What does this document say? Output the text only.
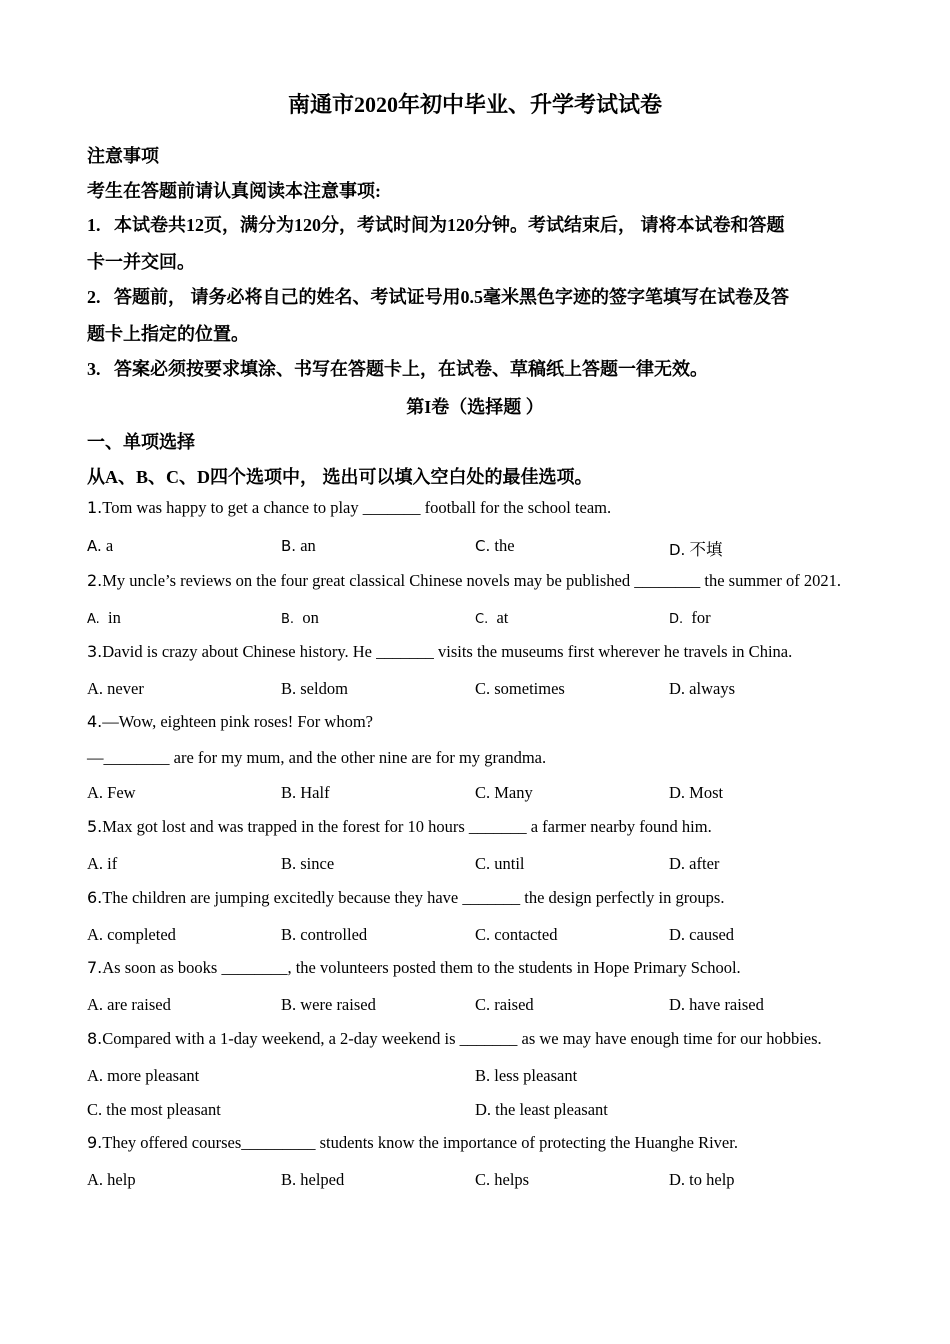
南通市2020年初中毕业、升学考试试卷
注意事项
考生在答题前请认真阅读本注意事项:
1.   本试卷共12页，满分为120分，考试时间为120分钟。考试结束后， 请将本试卷和答题
卡一并交回。
2.   答题前， 请务必将自己的姓名、考试证号用0.5毫米黑色字迹的签字笔填写在试卷及答
题卡上指定的位置。
3.   答案必须按要求填涂、书写在答题卡上，在试卷、草稿纸上答题一律无效。
第I卷（选择题 ）
一、单项选择
从A、B、C、D四个选项中， 选出可以填入空白处的最佳选项。
1.Tom was happy to get a chance to play _______ football for the school team.
A. a	B. an	C. the	D. 不填
2.My uncle’s reviews on the four great classical Chinese novels may be published ________ the summer of 2021.
A.  in	B.  on	C.  at	D.  for
3.David is crazy about Chinese history. He _______ visits the museums first wherever he travels in China.
A. never	B. seldom	C. sometimes	D. always
4.—Wow, eighteen pink roses! For whom?
—________ are for my mum, and the other nine are for my grandma.
A. Few	B. Half	C. Many	D. Most
5.Max got lost and was trapped in the forest for 10 hours _______ a farmer nearby found him.
A. if	B. since	C. until	D. after
6.The children are jumping excitedly because they have _______ the design perfectly in groups.
A. completed	B. controlled	C. contacted	D. caused
7.As soon as books ________, the volunteers posted them to the students in Hope Primary School.
A. are raised	B. were raised	C. raised	D. have raised
8.Compared with a 1-day weekend, a 2-day weekend is _______ as we may have enough time for our hobbies.
A. more pleasant	B. less pleasant
C. the most pleasant	D. the least pleasant
9.They offered courses_________ students know the importance of protecting the Huanghe River.
A. help	B. helped	C. helps	D. to help
